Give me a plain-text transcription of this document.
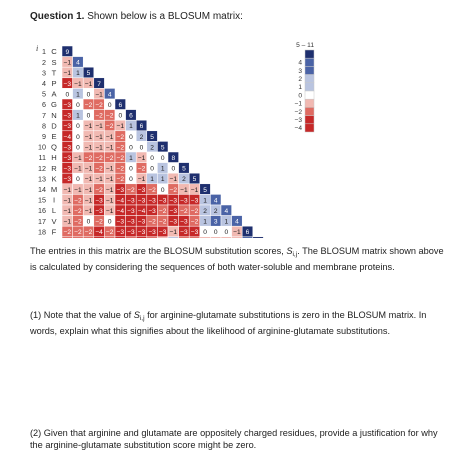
Question 1. Shown below is a BLOSUM matrix:
i 1 C 9
2 S −1 4
3 T −1 1 5
4 P −3 −1 −1 7
5 A 0 1 0 −1 4
6 G −3 0 −2 −2 0 6
7 N −3 1 0 −2 −2 0 6
8 D −3 0 −1 −1 −2 −1 1 6
9 E −4 0 −1 −1 −1 −2 0 2 5
10 Q −3 0 −1 −1 −1 −2 0 0 2 5
11 H −3 −1 −2 −2 −2 −2 1 −1 0 0 8
12 R −3 −1 −1 −2 −1 −2 0 −2 0 1 0 5
13 K −3 0 −1 −1 −1 −2 0 −1 1 1 −1 2 5
14 M −1 −1 −1 −2 −1 −3 −2 −3 −2 0 −2 −1 −1 5
15 I −1 −2 −1 −3 −1 −4 −3 −3 −3 −3 −3 −3 −3 1 4
16 L −1 −2 −1 −3 −1 −4 −3 −4 −3 −2 −3 −2 −2 2 2 4
17 V −1 −2 0 −2 0 −3 −3 −3 −2 −2 −3 −3 −2 1 3 1 4
18 F −2 −2 −2 −4 −2 −3 −3 −3 −3 −3 −1 −3 −3 0 0 0 −1 6
5 – 11
4
3
2
1
0
−1
−2
−3
−4
The entries in this matrix are the BLOSUM substitution scores, $S_{i,j}$. The BLOSUM matrix shown above is calculated by considering the sequences of both water-soluble and membrane proteins.
(1) Note that the value of $S_{i,j}$ for arginine-glutamate substitutions is zero in the BLOSUM matrix. In words, explain what this signifies about the likelihood of arginine-glutamate substitutions.
(2) Given that arginine and glutamate are oppositely charged residues, provide a justification for why the arginine-glutamate substitution score might be zero.
